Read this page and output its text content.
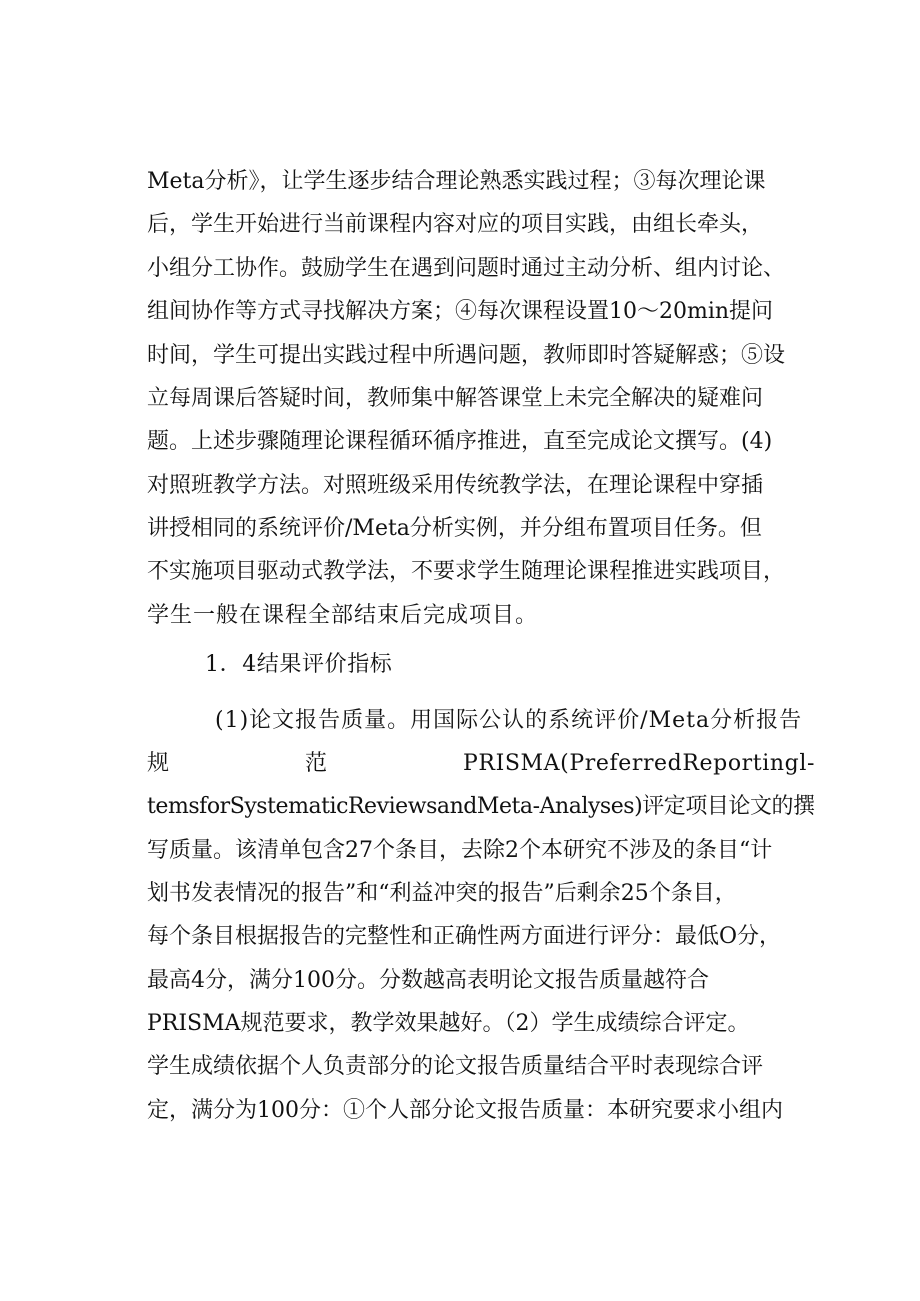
Meta分析》，让学生逐步结合理论熟悉实践过程；③每次理论课
后，学生开始进行当前课程内容对应的项目实践，由组长牵头，
小组分工协作。鼓励学生在遇到问题时通过主动分析、组内讨论、
组间协作等方式寻找解决方案；④每次课程设置10～20min提问
时间，学生可提出实践过程中所遇问题，教师即时答疑解惑；⑤设
立每周课后答疑时间，教师集中解答课堂上未完全解决的疑难问
题。上述步骤随理论课程循环循序推进，直至完成论文撰写。(4)
对照班教学方法。对照班级采用传统教学法，在理论课程中穿插
讲授相同的系统评价/Meta分析实例，并分组布置项目任务。但
不实施项目驱动式教学法，不要求学生随理论课程推进实践项目，
学生一般在课程全部结束后完成项目。
1．4结果评价指标
(1)论文报告质量。用国际公认的系统评价/Meta分析报告
规	范	PRISMA(PreferredReportingl-
temsforSystematicReviewsandMeta-Analyses)评定项目论文的撰
写质量。该清单包含27个条目，去除2个本研究不涉及的条目“计
划书发表情况的报告”和“利益冲突的报告”后剩余25个条目，
每个条目根据报告的完整性和正确性两方面进行评分：最低O分，
最高4分，满分100分。分数越高表明论文报告质量越符合
PRISMA规范要求，教学效果越好。（2）学生成绩综合评定。
学生成绩依据个人负责部分的论文报告质量结合平时表现综合评
定，满分为100分：①个人部分论文报告质量：本研究要求小组内
